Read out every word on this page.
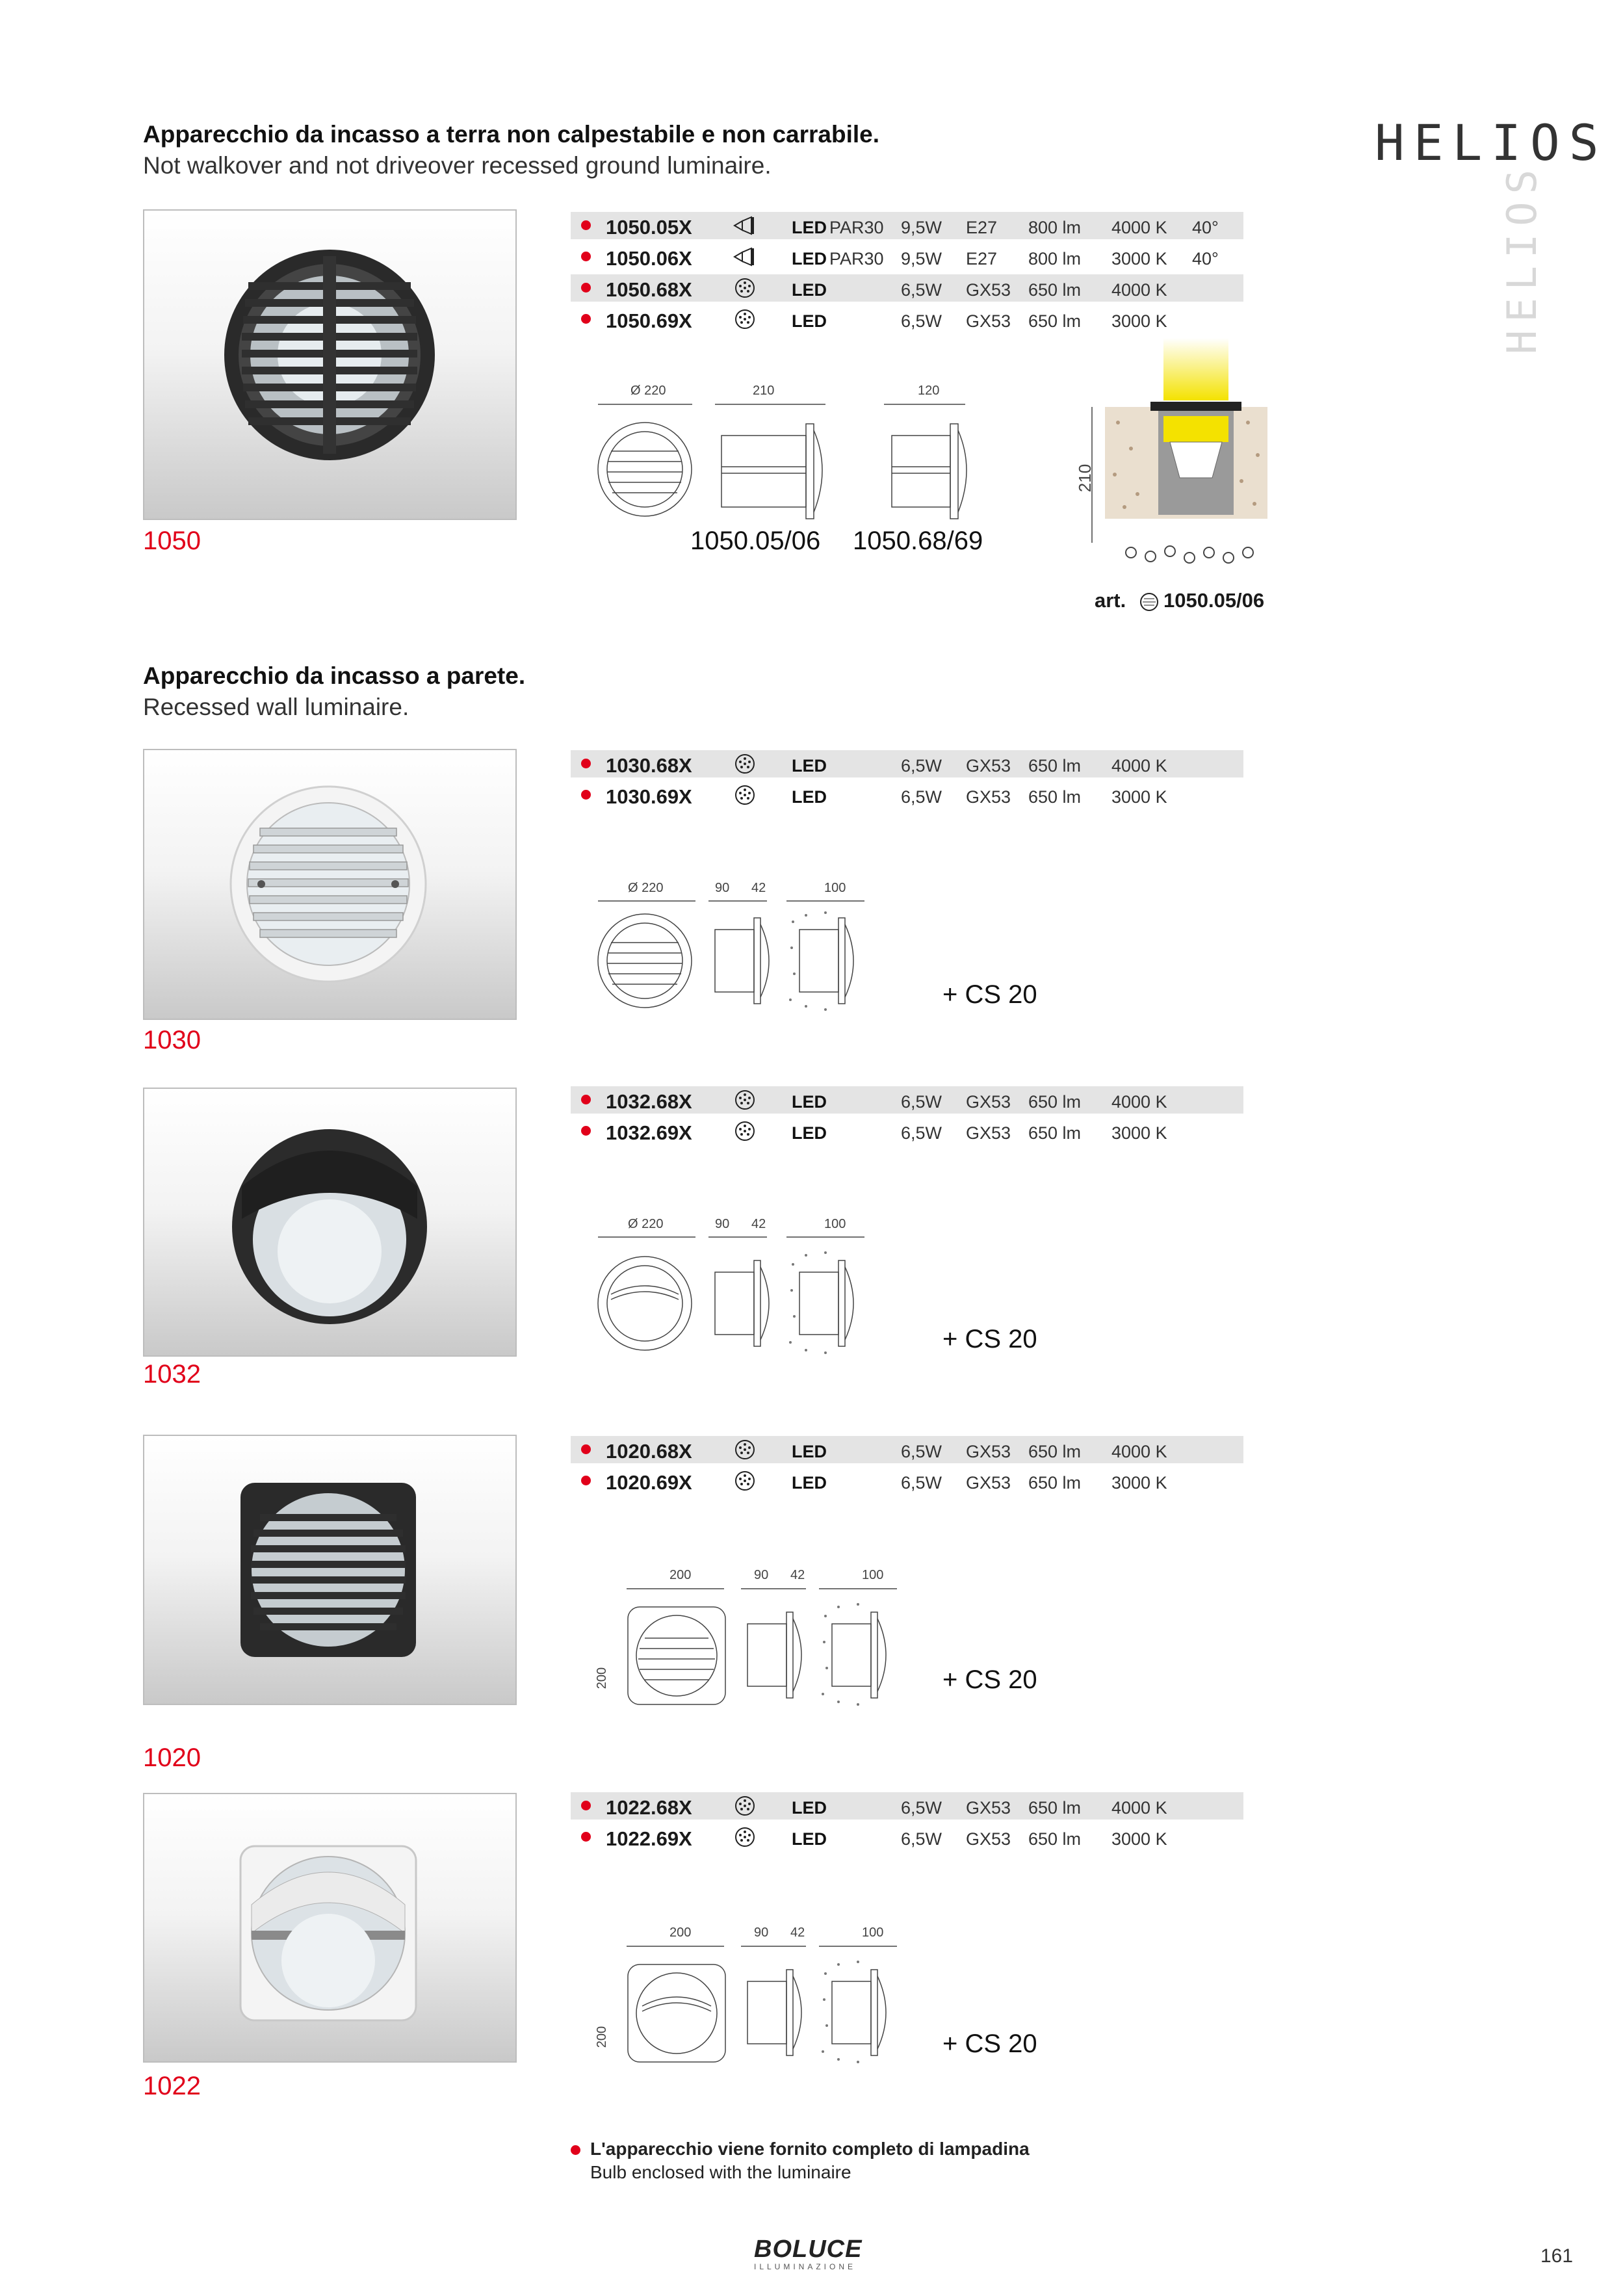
HELIOS
HELIOS
Apparecchio da incasso a terra non calpestabile e non carrabile.
Not walkover and not driveover recessed ground luminaire.
1050
1050.05X	LED PAR30 9,5W E27 800 lm 4000 K 40°
1050.06X	LED PAR30 9,5W E27 800 lm 3000 K 40°
1050.68X	LED	6,5W GX53 650 lm 4000 K
1050.69X	LED	6,5W GX53 650 lm 3000 K
Ø 220	210	120
1050.05/06 1050.68/69
210
art. 1050.05/06
Apparecchio da incasso a parete.
Recessed wall luminaire.
1030
1030.68X	LED	6,5W GX53 650 lm 4000 K
1030.69X	LED	6,5W GX53 650 lm 3000 K
Ø 220	90 42	100
+ CS 20
1032
1032.68X	LED	6,5W GX53 650 lm 4000 K
1032.69X	LED	6,5W GX53 650 lm 3000 K
Ø 220	90 42	100
+ CS 20
1020
1020.68X	LED	6,5W GX53 650 lm 4000 K
1020.69X	LED	6,5W GX53 650 lm 3000 K
200	90 42	100
200	+ CS 20
1022
1022.68X	LED	6,5W GX53 650 lm 4000 K
1022.69X	LED	6,5W GX53 650 lm 3000 K
200	90 42	100
200	+ CS 20
L'apparecchio viene fornito completo di lampadina
Bulb enclosed with the luminaire
BOLUCE
ILLUMINAZIONE	161
